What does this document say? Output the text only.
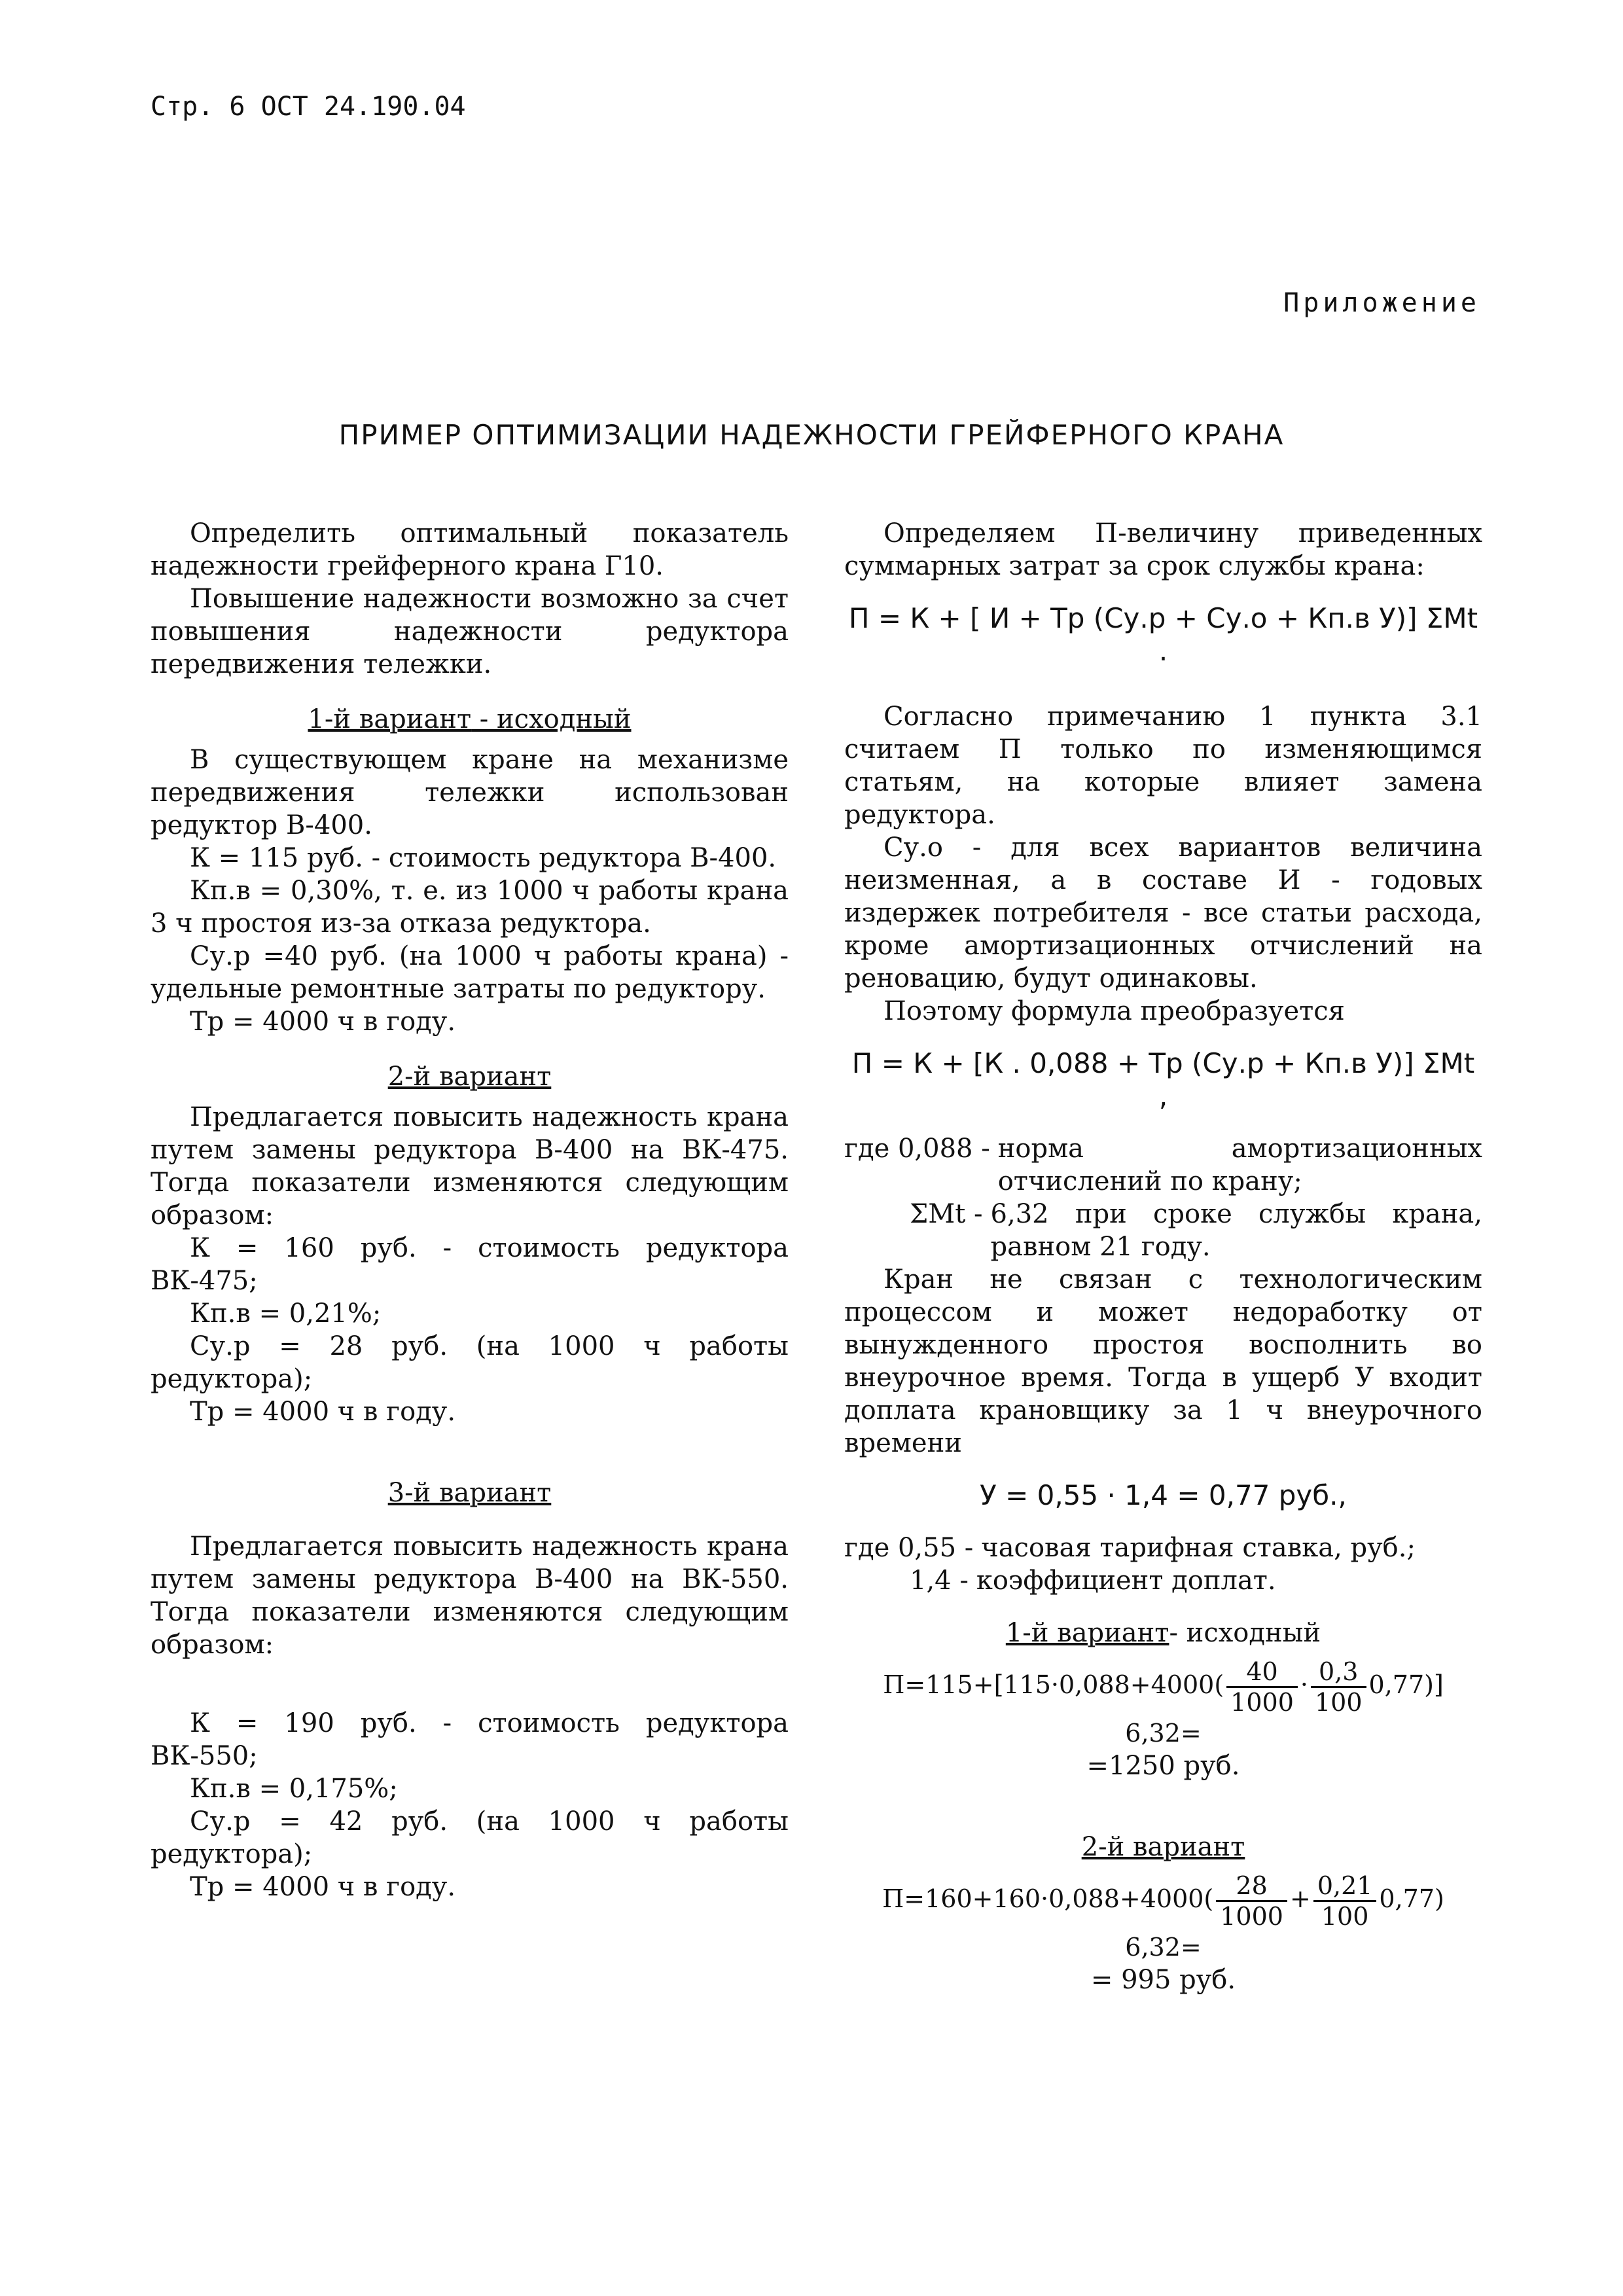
Стр. 6 ОСТ 24.190.04
Приложение
ПРИМЕР ОПТИМИЗАЦИИ НАДЕЖНОСТИ ГРЕЙФЕРНОГО КРАНА

Определить оптимальный показатель надежности грейферного крана Г10.

Повышение надежности возможно за счет повышения надежности редуктора передвижения тележки.

1-й вариант - исходный

В существующем кране на механизме передвижения тележки использован редуктор В-400.

К = 115 руб. - стоимость редуктора В-400.

Кп.в = 0,30%, т. е. из 1000 ч работы крана 3 ч простоя из-за отказа редуктора.

Су.р =40 руб. (на 1000 ч работы крана) - удельные ремонтные затраты по редуктору.

Тр = 4000 ч в году.

2-й вариант

Предлагается повысить надежность крана путем замены редуктора В-400 на ВК-475. Тогда показатели изменяются следующим образом:

К = 160 руб. - стоимость редуктора ВК-475;

Кп.в = 0,21%;

Су.р = 28 руб. (на 1000 ч работы редуктора);

Тр = 4000 ч в году.

3-й вариант

Предлагается повысить надежность крана путем замены редуктора В-400 на ВК-550. Тогда показатели изменяются следующим образом:

К = 190 руб. - стоимость редуктора ВК-550;

Кп.в = 0,175%;

Су.р = 42 руб. (на 1000 ч работы редуктора);

Тр = 4000 ч в году.

Определяем П-величину приведенных суммарных затрат за срок службы крана:

П = К + [ И + Тр (Су.р + Су.о + Кп.в У)] ΣМt .

Согласно примечанию 1 пункта 3.1 считаем П только по изменяющимся статьям, на которые влияет замена редуктора.

Су.о - для всех вариантов величина неизменная, а в составе И - годовых издержек потребителя - все статьи расхода, кроме амортизационных отчислений на реновацию, будут одинаковы.

Поэтому формула преобразуется

П = К + [К . 0,088 + Тр (Су.р + Кп.в У)] ΣМt ,
где 0,088 - норма амортизационных отчислений по крану;
ΣМt - 6,32 при сроке службы крана, равном 21 году.

Кран не связан с технологическим процессом и может недоработку от вынужденного простоя восполнить во внеурочное время. Тогда в ущерб У входит доплата крановщику за 1 ч внеурочного времени

У = 0,55 · 1,4 = 0,77 руб.,
где 0,55 - часовая тарифная ставка, руб.;
1,4 - коэффициент доплат.
1-й вариант- исходный
$П=115+[115\cdot 0,088+4000( \frac{40}{1000} \cdot \frac{0,3}{100} 0,77)]$ 6,32=
=1250 руб.
2-й вариант
$П=160+160\cdot 0,088+4000( \frac{28}{1000} + \frac{0,21}{100} 0,77)$ 6,32=
= 995 руб.
